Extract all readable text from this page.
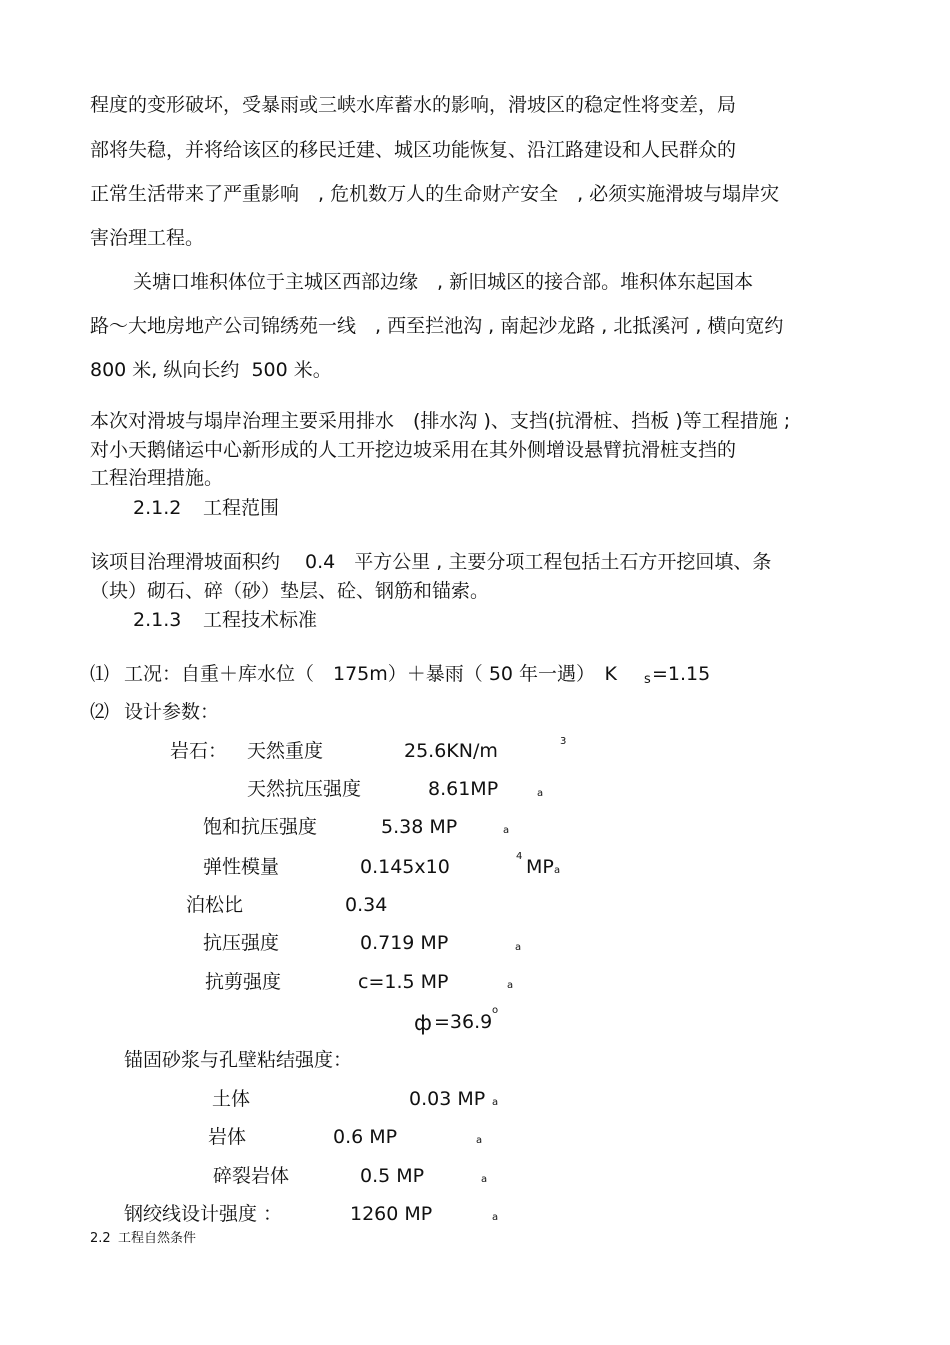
程度的变形破坏，受暴雨或三峡水库蓄水的影响，滑坡区的稳定性将变差，局
部将失稳，并将给该区的移民迁建、城区功能恢复、沿江路建设和人民群众的
正常生活带来了严重影响　, 危机数万人的生命财产安全　, 必须实施滑坡与塌岸灾
害治理工程。
关塘口堆积体位于主城区西部边缘　, 新旧城区的接合部。堆积体东起国本
路～大地房地产公司锦绣苑一线　, 西至拦池沟 , 南起沙龙路 , 北抵溪河 , 横向宽约
800 米, 纵向长约  500 米。
本次对滑坡与塌岸治理主要采用排水　(排水沟 )、支挡(抗滑桩、挡板 )等工程措施 ;
对小天鹅储运中心新形成的人工开挖边坡采用在其外侧增设悬臂抗滑桩支挡的
工程治理措施。
2.1.2 工程范围
该项目治理滑坡面积约　 0.4　平方公里 , 主要分项工程包括土石方开挖回填、条
（块）砌石、碎（砂）垫层、砼、钢筋和锚索。
2.1.3 工程技术标准
⑴ 工况：自重＋库水位（　175m）＋暴雨（ 50 年一遇）　K s =1.15
⑵ 设计参数：
岩石： 天然重度	25.6KN/m	3
天然抗压强度	8.61MP	a
饱和抗压强度	5.38 MP	a
弹性模量	0.145x10	4 MP a
泊松比	0.34
抗压强度	0.719 MP	a
抗剪强度	c=1.5 MP	a
ф =36.9
o
锚固砂浆与孔壁粘结强度：
土体	0.03 MP a
岩体	0.6 MP	a
碎裂岩体	0.5 MP	a
钢绞线设计强度 ：	1260 MP	a
2.2 工程自然条件
